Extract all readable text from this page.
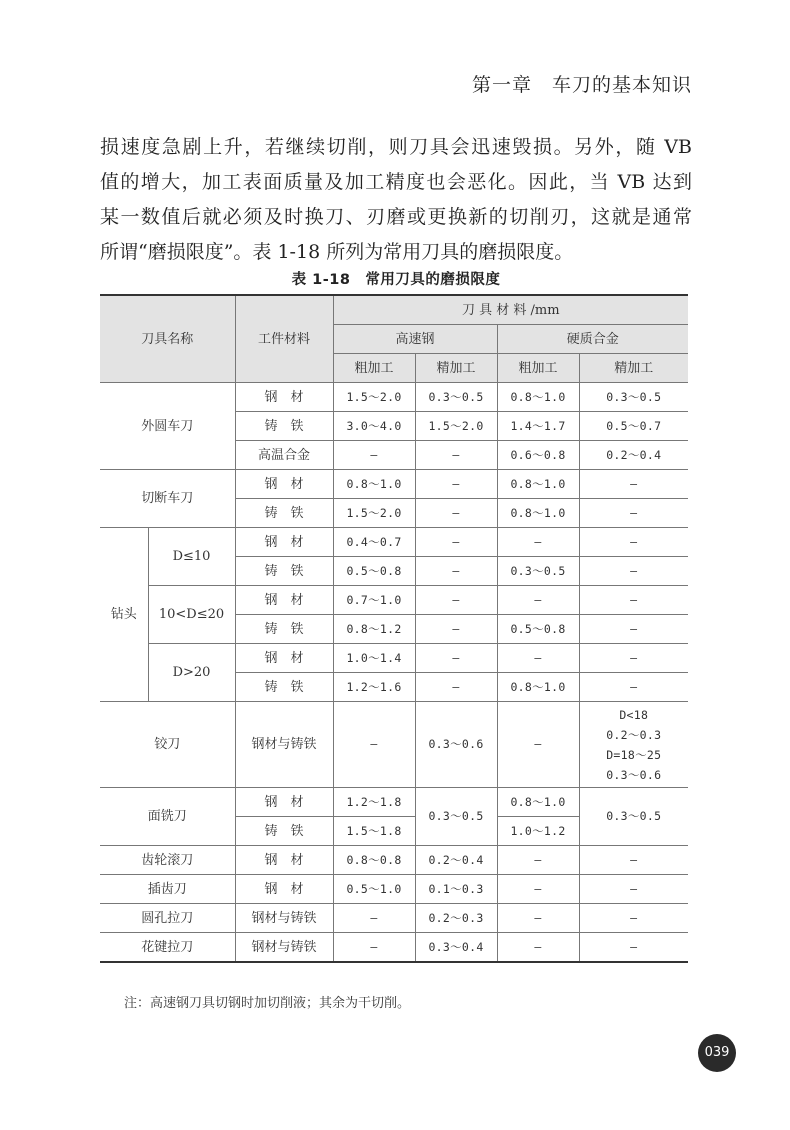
第一章　车刀的基本知识

损速度急剧上升，若继续切削，则刀具会迅速毁损。另外，随 VB

值的增大，加工表面质量及加工精度也会恶化。因此，当 VB 达到

某一数值后就必须及时换刀、刃磨或更换新的切削刃，这就是通常

所谓“磨损限度”。表 1-18 所列为常用刀具的磨损限度。

表 1-18　常用刀具的磨损限度
刀具名称		工件材料	刀 具 材 料 /mm			
			高速钢		硬质合金	
			粗加工	精加工	粗加工	精加工
外圆车刀		钢　材	1.5～2.0	0.3～0.5	0.8～1.0	0.3～0.5
		铸　铁	3.0～4.0	1.5～2.0	1.4～1.7	0.5～0.7
		高温合金	—	—	0.6～0.8	0.2～0.4
切断车刀		钢　材	0.8～1.0	—	0.8～1.0	—
		铸　铁	1.5～2.0	—	0.8～1.0	—
钻头	D≤10	钢　材	0.4～0.7	—	—	—
		铸　铁	0.5～0.8	—	0.3～0.5	—
	10<D≤20	钢　材	0.7～1.0	—	—	—
		铸　铁	0.8～1.2	—	0.5～0.8	—
	D>20	钢　材	1.0～1.4	—	—	—
		铸　铁	1.2～1.6	—	0.8～1.0	—
铰刀		钢材与铸铁	—	0.3～0.6	—	D<18
0.2～0.3
D=18～25
0.3～0.6

面铣刀		钢　材	1.2～1.8	0.3～0.5	0.8～1.0	0.3～0.5
		铸　铁	1.5～1.8		1.0～1.2	
齿轮滚刀		钢　材	0.8～0.8	0.2～0.4	—	—
插齿刀		钢　材	0.5～1.0	0.1～0.3	—	—
圆孔拉刀		钢材与铸铁	—	0.2～0.3	—	—
花键拉刀		钢材与铸铁	—	0.3～0.4	—	—
注：高速钢刀具切钢时加切削液；其余为干切削。
039
